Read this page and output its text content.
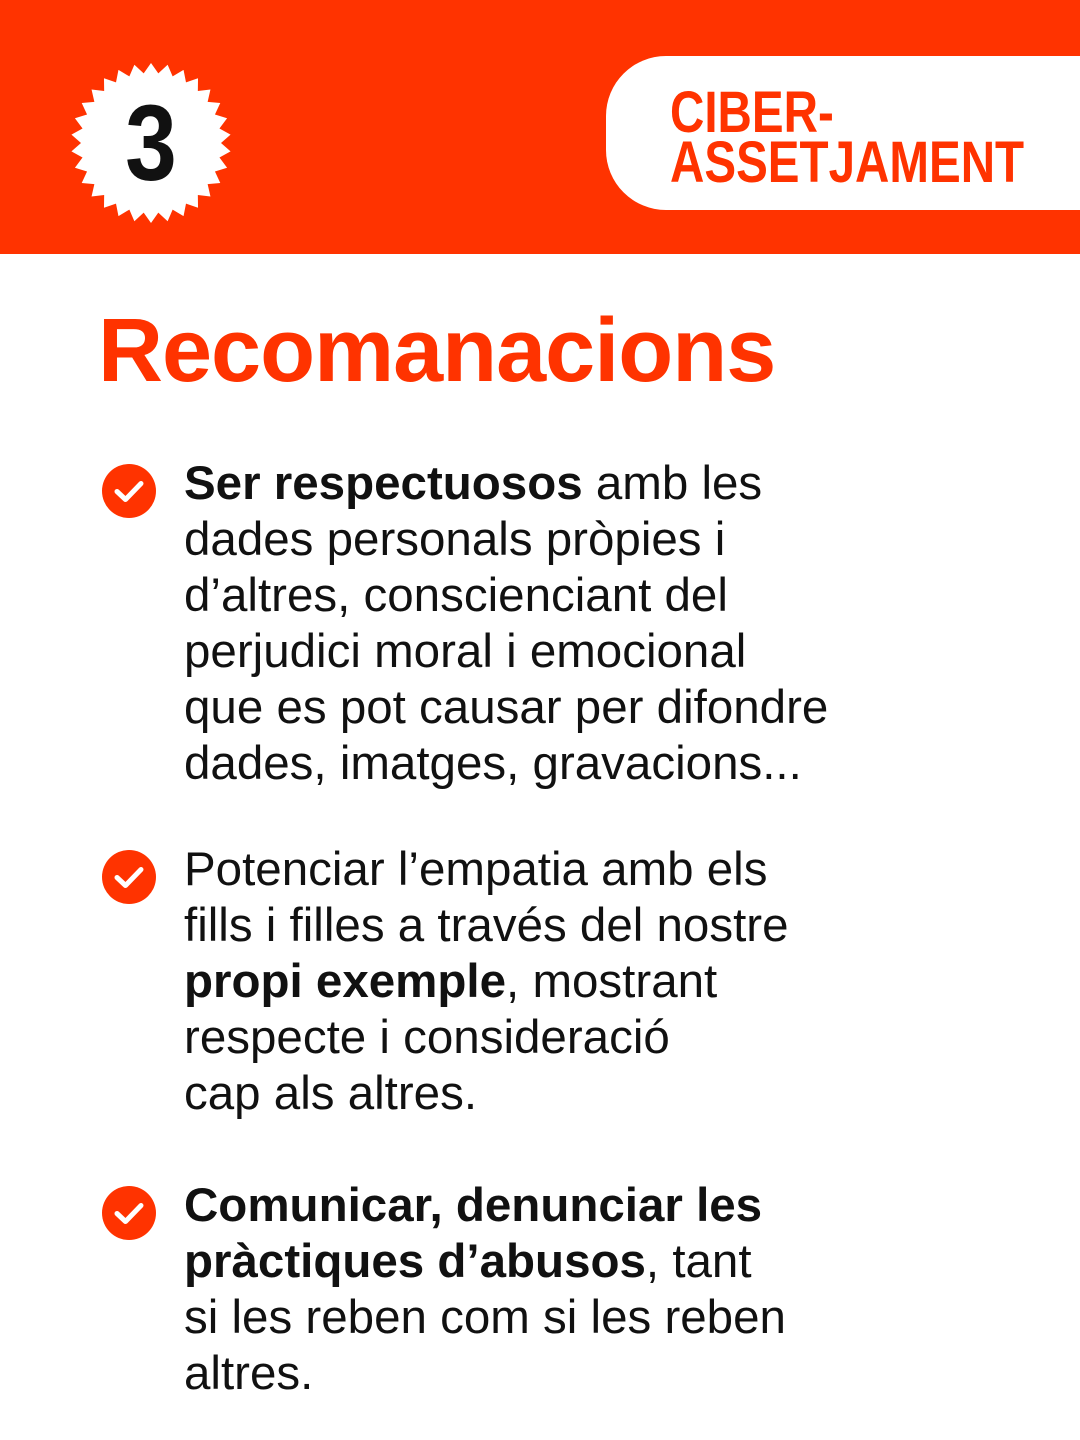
3	CIBER-
ASSETJAMENT
Recomanacions

Ser respectuosos amb les
dades personals pròpies i
d’altres, conscienciant del
perjudici moral i emocional
que es pot causar per difondre
dades, imatges, gravacions...

Potenciar l’empatia amb els
fills i filles a través del nostre
propi exemple, mostrant
respecte i consideració
cap als altres.

Comunicar, denunciar les
pràctiques d’abusos, tant
si les reben com si les reben
altres.
